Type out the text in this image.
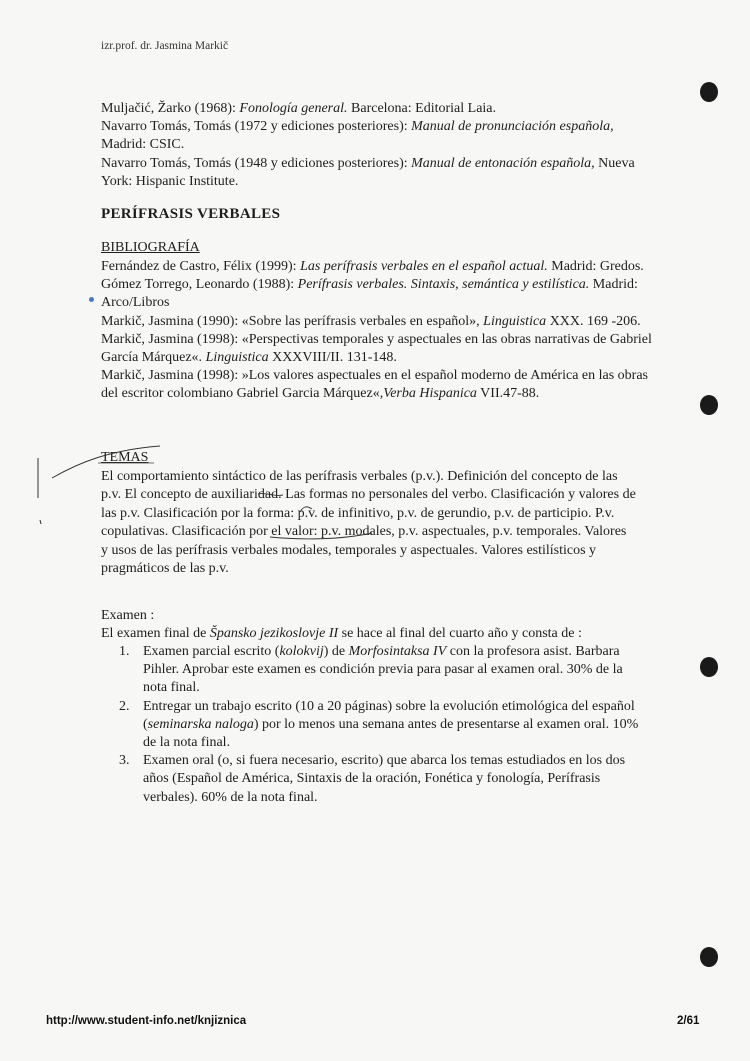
izr.prof. dr. Jasmina Markič

Muljačić, Žarko (1968): Fonología general. Barcelona: Editorial Laia.

Navarro Tomás, Tomás (1972 y ediciones posteriores): Manual de pronunciación española, Madrid: CSIC.

Navarro Tomás, Tomás (1948 y ediciones posteriores): Manual de entonación española, Nueva York: Hispanic Institute.

PERÍFRASIS VERBALES
BIBLIOGRAFÍA

Fernández de Castro, Félix (1999): Las perífrasis verbales en el español actual. Madrid: Gredos.

Gómez Torrego, Leonardo (1988): Perífrasis verbales. Sintaxis, semántica y estilística. Madrid: Arco/Libros

Markič, Jasmina (1990): «Sobre las perífrasis verbales en español», Linguistica XXX. 169 -206.

Markič, Jasmina (1998): «Perspectivas temporales y aspectuales en las obras narrativas de Gabriel García Márquez«. Linguistica XXXVIII/II. 131-148.

Markič, Jasmina (1998): »Los valores aspectuales en el español moderno de América en las obras del escritor colombiano Gabriel Garcia Márquez«,Verba Hispanica VII.47-88.

TEMAS

El comportamiento sintáctico de las perífrasis verbales (p.v.). Definición del concepto de las p.v. El concepto de auxiliaridad. Las formas no personales del verbo. Clasificación y valores de las p.v. Clasificación por la forma: p.v. de infinitivo, p.v. de gerundio, p.v. de participio. P.v. copulativas. Clasificación por el valor: p.v. modales, p.v. aspectuales, p.v. temporales. Valores y usos de las perífrasis verbales modales, temporales y aspectuales. Valores estilísticos y pragmáticos de las p.v.

Examen :
El examen final de Špansko jezikoslovje II se hace al final del cuarto año y consta de :
1. Examen parcial escrito (kolokvij) de Morfosintaksa IV con la profesora asist. Barbara Pihler. Aprobar este examen es condición previa para pasar al examen oral. 30% de la nota final.
2. Entregar un trabajo escrito (10 a 20 páginas) sobre la evolución etimológica del español (seminarska naloga) por lo menos una semana antes de presentarse al examen oral. 10% de la nota final.
3. Examen oral (o, si fuera necesario, escrito) que abarca los temas estudiados en los dos años (Español de América, Sintaxis de la oración, Fonética y fonología, Perífrasis verbales). 60% de la nota final.
http://www.student-info.net/knjiznica	2/61
